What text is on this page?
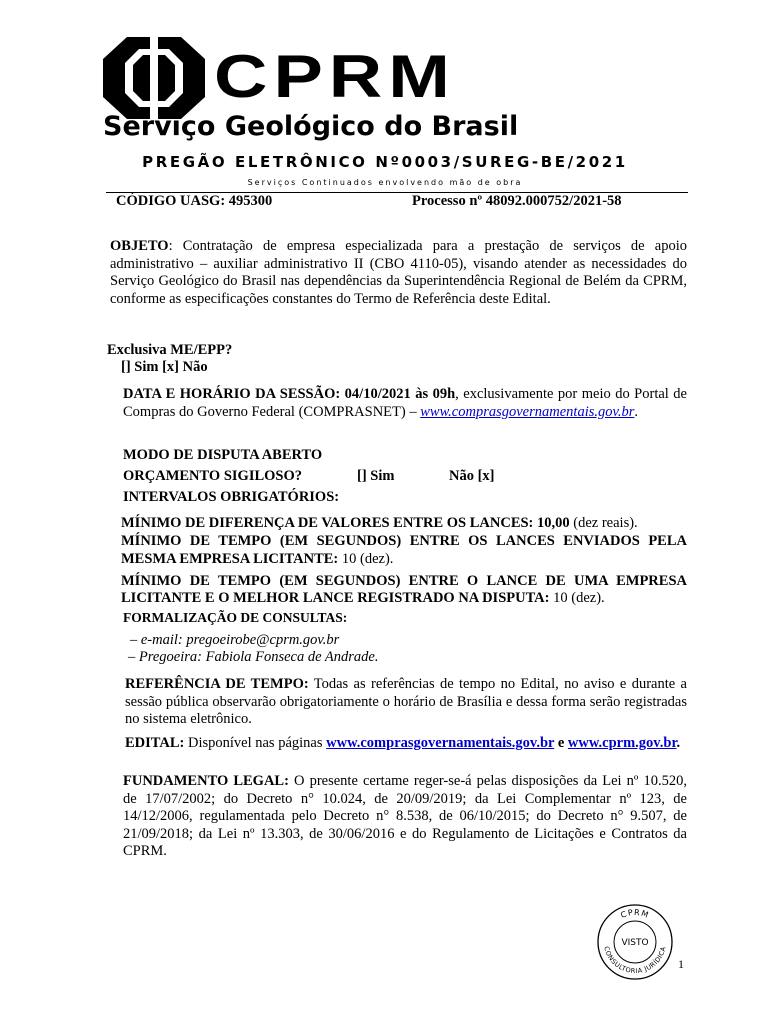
CPRM
Serviço Geológico do Brasil
PREGÃO ELETRÔNICO Nº0003/SUREG-BE/2021
Serviços Continuados envolvendo mão de obra
CÓDIGO UASG: 495300	Processo nº 48092.000752/2021-58
OBJETO: Contratação de empresa especializada para a prestação de serviços de apoio administrativo – auxiliar administrativo II (CBO 4110-05), visando atender as necessidades do Serviço Geológico do Brasil nas dependências da Superintendência Regional de Belém da CPRM, conforme as especificações constantes do Termo de Referência deste Edital.
Exclusiva ME/EPP?
[] Sim [x] Não
DATA E HORÁRIO DA SESSÃO: 04/10/2021 às 09h, exclusivamente por meio do Portal de Compras do Governo Federal (COMPRASNET) – www.comprasgovernamentais.gov.br.
MODO DE DISPUTA ABERTO
ORÇAMENTO SIGILOSO?	[] Sim	Não [x]
INTERVALOS OBRIGATÓRIOS:
MÍNIMO DE DIFERENÇA DE VALORES ENTRE OS LANCES: 10,00 (dez reais).
MÍNIMO DE TEMPO (EM SEGUNDOS) ENTRE OS LANCES ENVIADOS PELA MESMA EMPRESA LICITANTE: 10 (dez).
MÍNIMO DE TEMPO (EM SEGUNDOS) ENTRE O LANCE DE UMA EMPRESA LICITANTE E O MELHOR LANCE REGISTRADO NA DISPUTA: 10 (dez).
FORMALIZAÇÃO DE CONSULTAS:
– e-mail: pregoeirobe@cprm.gov.br
– Pregoeira: Fabiola Fonseca de Andrade.
REFERÊNCIA DE TEMPO: Todas as referências de tempo no Edital, no aviso e durante a sessão pública observarão obrigatoriamente o horário de Brasília e dessa forma serão registradas no sistema eletrônico.
EDITAL: Disponível nas páginas www.comprasgovernamentais.gov.br e www.cprm.gov.br.
FUNDAMENTO LEGAL: O presente certame reger-se-á pelas disposições da Lei nº 10.520, de 17/07/2002; do Decreto n° 10.024, de 20/09/2019; da Lei Complementar nº 123, de 14/12/2006, regulamentada pelo Decreto n° 8.538, de 06/10/2015; do Decreto n° 9.507, de 21/09/2018; da Lei nº 13.303, de 30/06/2016 e do Regulamento de Licitações e Contratos da CPRM.
CPRM
VISTO
CONSULTORIA JURÍDICA
1
